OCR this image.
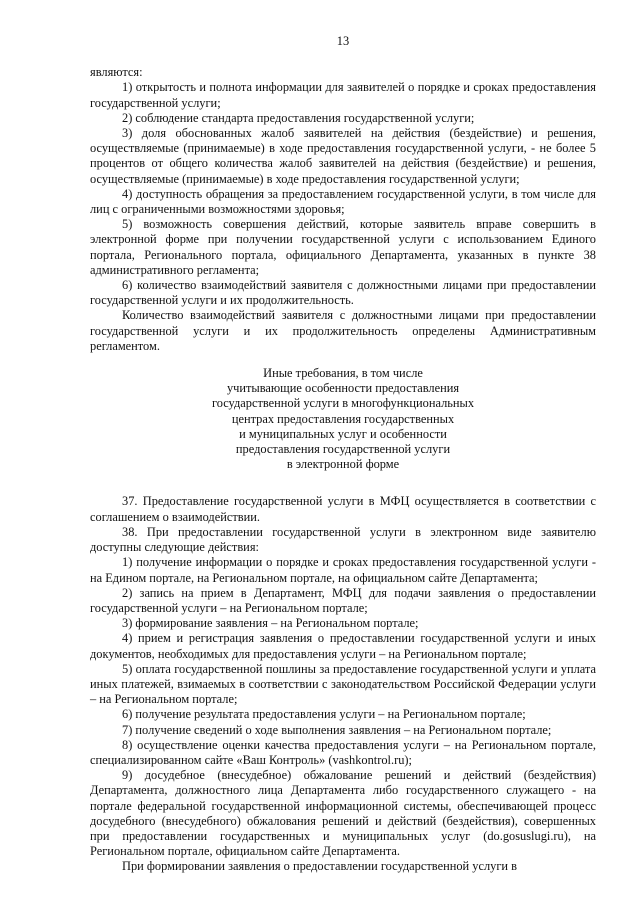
13

являются:

1) открытость и полнота информации для заявителей о порядке и сроках предоставления государственной услуги;

2) соблюдение стандарта предоставления государственной услуги;

3) доля обоснованных жалоб заявителей на действия (бездействие) и решения, осуществляемые (принимаемые) в ходе предоставления государственной услуги, - не более 5 процентов от общего количества жалоб заявителей на действия (бездействие) и решения, осуществляемые (принимаемые) в ходе предоставления государственной услуги;

4) доступность обращения за предоставлением государственной услуги, в том числе для лиц с ограниченными возможностями здоровья;

5) возможность совершения действий, которые заявитель вправе совершить в электронной форме при получении государственной услуги с использованием Единого портала, Регионального портала, официального Департамента, указанных в пункте 38 административного регламента;

6) количество взаимодействий заявителя с должностными лицами при предоставлении государственной услуги и их продолжительность.

Количество взаимодействий заявителя с должностными лицами при предоставлении государственной услуги и их продолжительность определены Административным регламентом.

Иные требования, в том числе
учитывающие особенности предоставления
государственной услуги в многофункциональных
центрах предоставления государственных
и муниципальных услуг и особенности
предоставления государственной услуги
в электронной форме

37. Предоставление государственной услуги в МФЦ осуществляется в соответствии с соглашением о взаимодействии.

38. При предоставлении государственной услуги в электронном виде заявителю доступны следующие действия:

1) получение информации о порядке и сроках предоставления государственной услуги - на Едином портале, на Региональном портале, на официальном сайте Департамента;

2) запись на прием в Департамент, МФЦ для подачи заявления о предоставлении государственной услуги – на Региональном портале;

3) формирование заявления – на Региональном портале;

4) прием и регистрация заявления о предоставлении государственной услуги и иных документов, необходимых для предоставления услуги – на Региональном портале;

5) оплата государственной пошлины за предоставление государственной услуги и уплата иных платежей, взимаемых в соответствии с законодательством Российской Федерации услуги – на Региональном портале;

6) получение результата предоставления услуги – на Региональном портале;

7) получение сведений о ходе выполнения заявления – на Региональном портале;

8) осуществление оценки качества предоставления услуги – на Региональном портале, специализированном сайте «Ваш Контроль» (vashkontrol.ru);

9) досудебное (внесудебное) обжалование решений и действий (бездействия) Департамента, должностного лица Департамента либо государственного служащего - на портале федеральной государственной информационной системы, обеспечивающей процесс досудебного (внесудебного) обжалования решений и действий (бездействия), совершенных при предоставлении государственных и муниципальных услуг (do.gosuslugi.ru), на Региональном портале, официальном сайте Департамента.

При формировании заявления о предоставлении государственной услуги в
